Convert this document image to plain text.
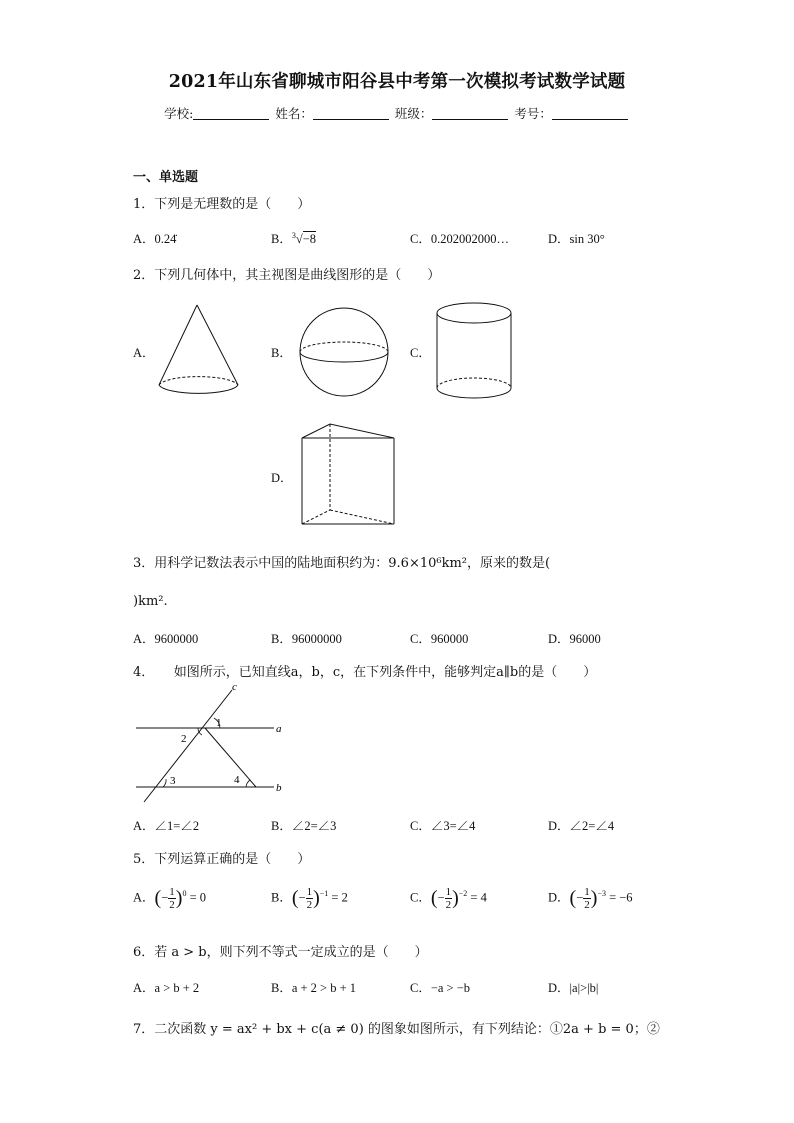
2021年山东省聊城市阳谷县中考第一次模拟考试数学试题
学校:	姓名：	班级：	考号：
一、单选题
1．下列是无理数的是（　　）
A．0.24̇	B．$^3$√−8	C．0.202002000…	D．sin 30°
2．下列几何体中，其主视图是曲线图形的是（　　）
A．	B．	C．
D．
3．用科学记数法表示中国的陆地面积约为：9.6×10⁶km²，原来的数是(
)km².
A．9600000	B．96000000	C．960000	D．96000
4．　　如图所示，已知直线a，b，c，在下列条件中，能够判定a∥b的是（　　）
c
a
b
1
2
3	4
A．∠1=∠2	B．∠2=∠3	C．∠3=∠4	D．∠2=∠4
5．下列运算正确的是（　　）
A．(− $\frac{1}{2} )^0 = 0$	B．(− $\frac{1}{2} )^{-1} = 2$	C．(− $\frac{1}{2} )^{-2} = 4$	D．(− $\frac{1}{2} )^{-3} = -6$
6．若 a > b，则下列不等式一定成立的是（　　）
A．a > b + 2	B．a + 2 > b + 1	C．−a > −b	D．|a|>|b|
7．二次函数 y = ax² + bx + c(a ≠ 0) 的图象如图所示，有下列结论：①2a + b = 0；②
